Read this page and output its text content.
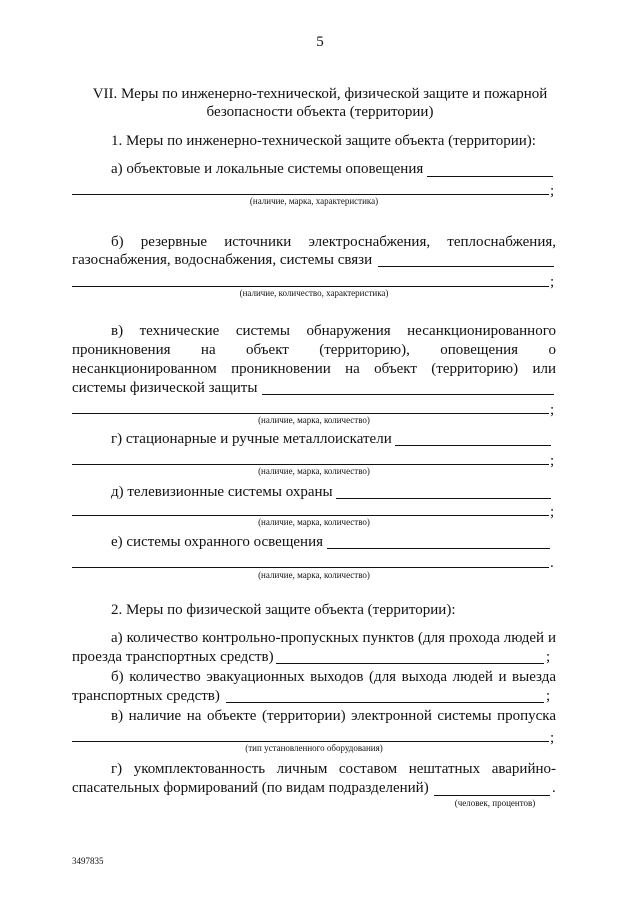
5
VII. Меры по инженерно-технической, физической защите и пожарной
безопасности объекта (территории)
1. Меры по инженерно-технической защите объекта (территории):
а) объектовые и локальные системы оповещения
;
(наличие, марка, характеристика)
б) резервные источники электроснабжения, теплоснабжения,
газоснабжения, водоснабжения, системы связи
;
(наличие, количество, характеристика)
в) технические системы обнаружения несанкционированного
проникновения на объект (территорию), оповещения о
несанкционированном проникновении на объект (территорию) или
системы физической защиты
;
(наличие, марка, количество)
г) стационарные и ручные металлоискатели
;
(наличие, марка, количество)
д) телевизионные системы охраны
;
(наличие, марка, количество)
е) системы охранного освещения
.
(наличие, марка, количество)
2. Меры по физической защите объекта (территории):
а) количество контрольно-пропускных пунктов (для прохода людей и
проезда транспортных средств)	;
б) количество эвакуационных выходов (для выхода людей и выезда
транспортных средств)	;
в) наличие на объекте (территории) электронной системы пропуска
;
(тип установленного оборудования)
г) укомплектованность личным составом нештатных аварийно-
спасательных формирований (по видам подразделений)	.
(человек, процентов)
3497835
